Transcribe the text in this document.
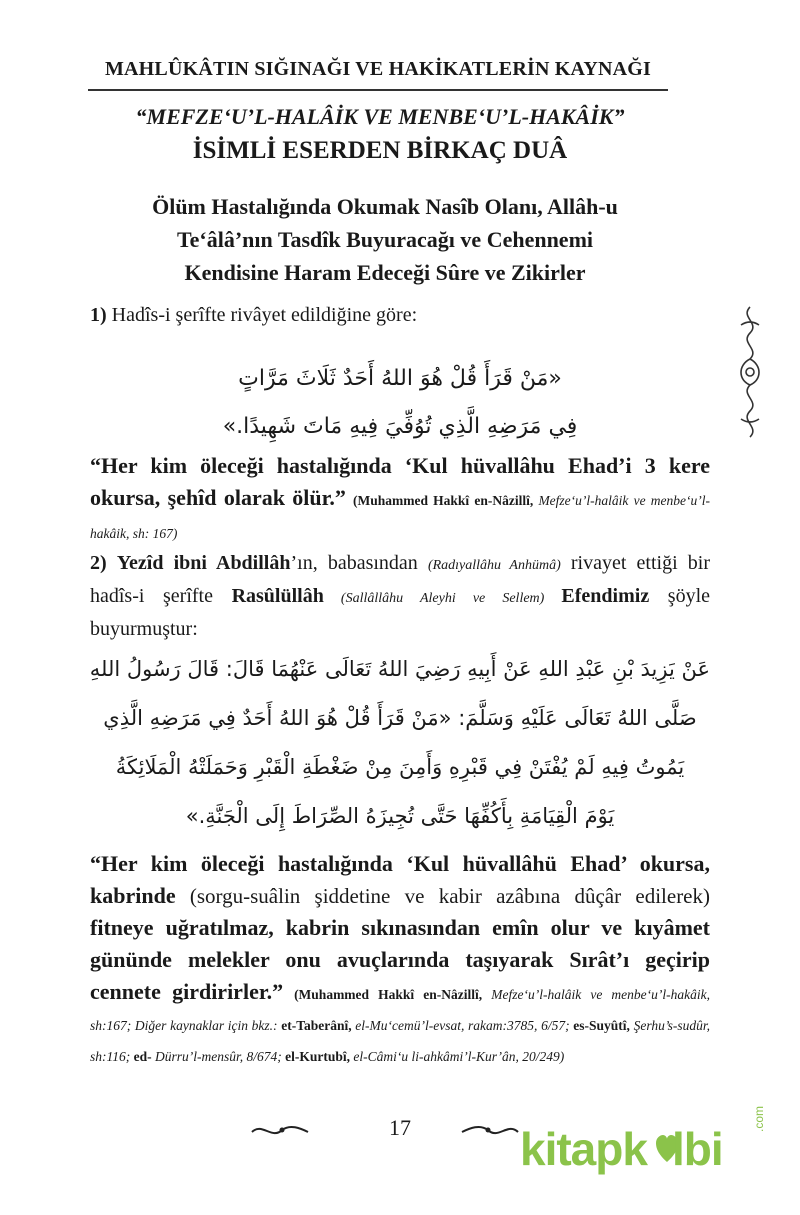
MAHLÛKÂTIN SIĞINAĞI VE HAKİKATLERİN KAYNAĞI
“MEFZE‘U’L-HALÂİK VE MENBE‘U’L-HAKÂİK”
İSİMLİ ESERDEN BİRKAÇ DUÂ
Ölüm Hastalığında Okumak Nasîb Olanı, Allâh-u
Te‘âlâ’nın Tasdîk Buyuracağı ve Cehennemi
Kendisine Haram Edeceği Sûre ve Zikirler
1) Hadîs-i şerîfte rivâyet edildiğine göre:
«مَنْ قَرَأَ قُلْ هُوَ اللهُ أَحَدٌ ثَلَاثَ مَرَّاتٍ
فِي مَرَضِهِ الَّذِي تُوُفِّيَ فِيهِ مَاتَ شَهِيدًا.»
“Her kim öleceği hastalığında ‘Kul hüvallâhu Ehad’i 3 kere okursa, şehîd olarak ölür.” (Muhammed Hakkî en-Nâzillî, Mefze‘u’l-halâik ve menbe‘u’l-hakâik, sh: 167)
2) Yezîd ibni Abdillâh’ın, babasından (Radıyallâhu Anhümâ) rivayet ettiği bir hadîs-i şerîfte Rasûlüllâh (Sallâllâhu Aleyhi ve Sellem) Efendimiz şöyle buyurmuştur:
عَنْ يَزِيدَ بْنِ عَبْدِ اللهِ عَنْ أَبِيهِ رَضِيَ اللهُ تَعَالَى عَنْهُمَا قَالَ: قَالَ رَسُولُ اللهِ
صَلَّى اللهُ تَعَالَى عَلَيْهِ وَسَلَّمَ: «مَنْ قَرَأَ قُلْ هُوَ اللهُ أَحَدٌ فِي مَرَضِهِ الَّذِي
يَمُوتُ فِيهِ لَمْ يُفْتَنْ فِي قَبْرِهِ وَأَمِنَ مِنْ ضَغْطَةِ الْقَبْرِ وَحَمَلَتْهُ الْمَلَائِكَةُ
يَوْمَ الْقِيَامَةِ بِأَكُفِّهَا حَتَّى تُجِيزَهُ الصِّرَاطَ إِلَى الْجَنَّةِ.»
“Her kim öleceği hastalığında ‘Kul hüvallâhü Ehad’ okursa, kabrinde (sorgu-suâlin şiddetine ve kabir azâbına dûçâr edilerek) fitneye uğratılmaz, kabrin sıkınasından emîn olur ve kıyâmet gününde melekler onu avuçlarında taşıyarak Sırât’ı geçirip cennete girdirirler.” (Muhammed Hakkî en-Nâzillî, Mefze‘u’l-halâik ve menbe‘u’l-hakâik, sh:167; Diğer kaynaklar için bkz.: et-Taberânî, el-Mu‘cemü’l-evsat, rakam:3785, 6/57; es-Suyûtî, Şerhu’s-sudûr, sh:116; ed- Dürru’l-mensûr, 8/674; el-Kurtubî, el-Câmi‘u li-ahkâmi’l-Kur’ân, 20/249)
17	kitapk lbi
.com
